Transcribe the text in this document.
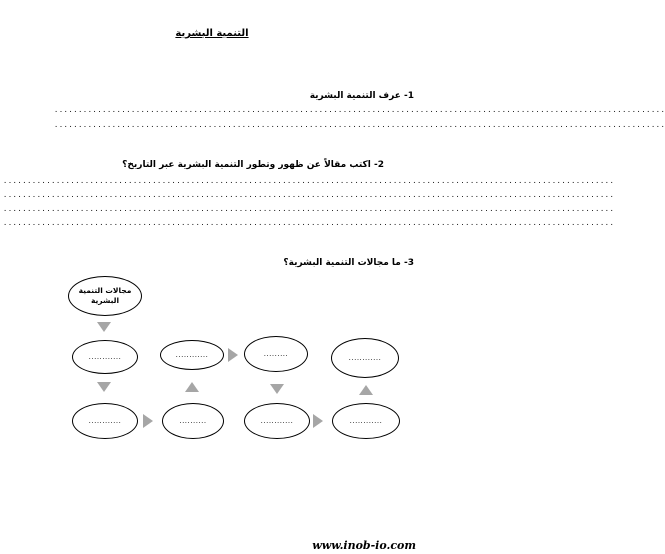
التنمية البشرية
1- عرف التنمية البشرية
...............................................................................................................................
...............................................................................................................................
2- اكتب مقالاً عن ظهور وتطور التنمية البشرية عبر التاريخ؟
...............................................................................................................................
...............................................................................................................................
...............................................................................................................................
...............................................................................................................................
3- ما مجالات التنمية البشرية؟
مجالات التنمية البشرية
............	............	.........	............
............	..........	............	............
www.inob-io.com
